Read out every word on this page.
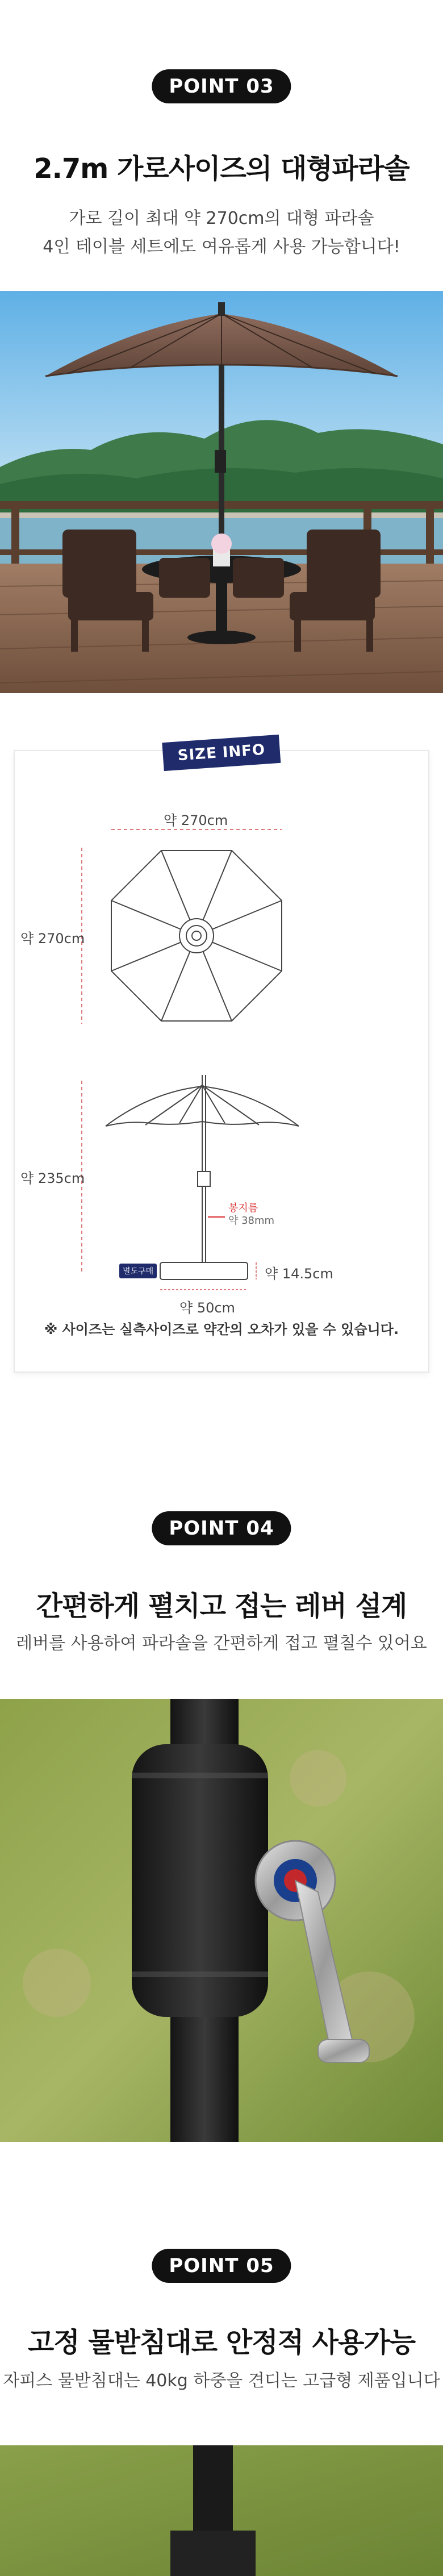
POINT 03
2.7m 가로사이즈의 대형파라솔
가로 길이 최대 약 270cm의 대형 파라솔
4인 테이블 세트에도 여유롭게 사용 가능합니다!
SIZE INFO
약 270cm
약 270cm
약 235cm
봉지름
약 38mm
별도구매	약 14.5cm
약 50cm
※ 사이즈는 실측사이즈로 약간의 오차가 있을 수 있습니다.
POINT 04
간편하게 펼치고 접는 레버 설계
레버를 사용하여 파라솔을 간편하게 접고 펼칠수 있어요
POINT 05
고정 물받침대로 안정적 사용가능
자피스 물받침대는 40kg 하중을 견디는 고급형 제품입니다
